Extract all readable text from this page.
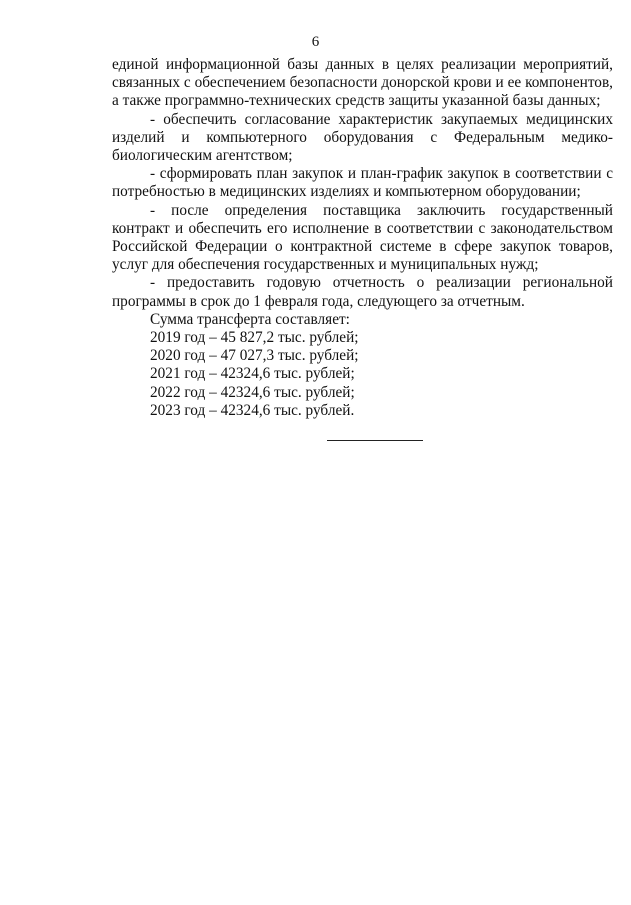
6

единой информационной базы данных в целях реализации мероприятий, связанных с обеспечением безопасности донорской крови и ее компонентов, а также программно-технических средств защиты указанной базы данных;

- обеспечить согласование характеристик закупаемых медицинских изделий и компьютерного оборудования с Федеральным медико-биологическим агентством;

- сформировать план закупок и план-график закупок в соответствии с потребностью в медицинских изделиях и компьютерном оборудовании;

- после определения поставщика заключить государственный контракт и обеспечить его исполнение в соответствии с законодательством Российской Федерации о контрактной системе в сфере закупок товаров, услуг для обеспечения государственных и муниципальных нужд;

- предоставить годовую отчетность о реализации региональной программы в срок до 1 февраля года, следующего за отчетным.

Сумма трансферта составляет:

2019 год – 45 827,2 тыс. рублей;

2020 год – 47 027,3 тыс. рублей;

2021 год – 42324,6 тыс. рублей;

2022 год – 42324,6 тыс. рублей;

2023 год – 42324,6 тыс. рублей.
